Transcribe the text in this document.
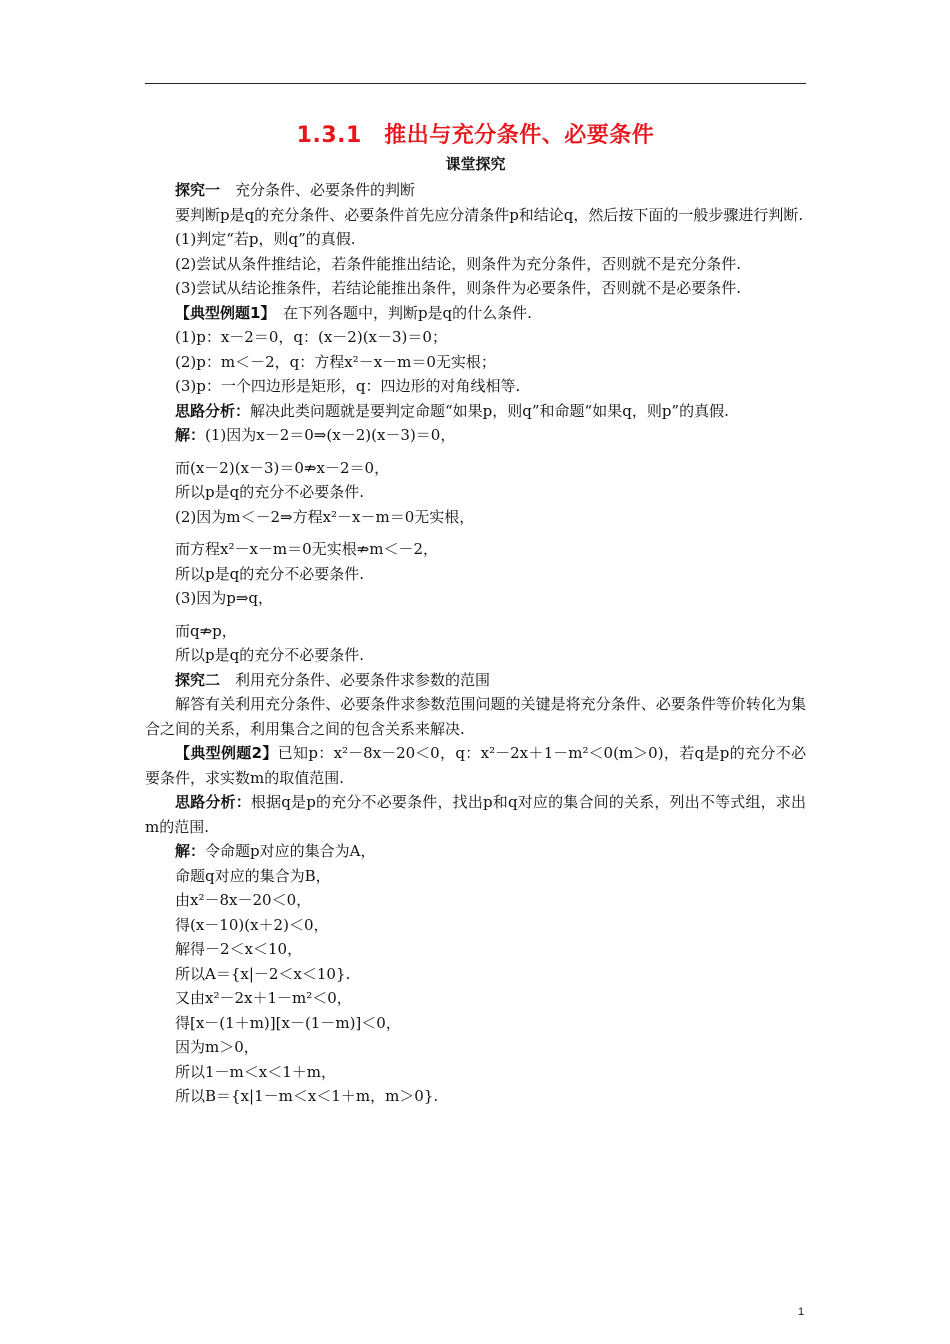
1.3.1　推出与充分条件、必要条件
课堂探究

探究一　充分条件、必要条件的判断

要判断p是q的充分条件、必要条件首先应分清条件p和结论q，然后按下面的一般步骤进行判断.

(1)判定“若p，则q”的真假.

(2)尝试从条件推结论，若条件能推出结论，则条件为充分条件，否则就不是充分条件.

(3)尝试从结论推条件，若结论能推出条件，则条件为必要条件，否则就不是必要条件.

【典型例题1】　在下列各题中，判断p是q的什么条件.

(1)p：x－2＝0，q：(x－2)(x－3)＝0；

(2)p：m＜－2，q：方程x²－x－m＝0无实根；

(3)p：一个四边形是矩形，q：四边形的对角线相等.

思路分析：解决此类问题就是要判定命题“如果p，则q”和命题“如果q，则p”的真假.

解：(1)因为x－2＝0⇒(x－2)(x－3)＝0，

而(x－2)(x－3)＝0⇏x－2＝0，

所以p是q的充分不必要条件.

(2)因为m＜－2⇒方程x²－x－m＝0无实根，

而方程x²－x－m＝0无实根⇏m＜－2，

所以p是q的充分不必要条件.

(3)因为p⇒q，

而q⇏p，

所以p是q的充分不必要条件.

探究二　利用充分条件、必要条件求参数的范围

解答有关利用充分条件、必要条件求参数范围问题的关键是将充分条件、必要条件等价转化为集合之间的关系，利用集合之间的包含关系来解决.

【典型例题2】已知p：x²－8x－20＜0，q：x²－2x＋1－m²＜0(m＞0)，若q是p的充分不必要条件，求实数m的取值范围.

思路分析：根据q是p的充分不必要条件，找出p和q对应的集合间的关系，列出不等式组，求出m的范围.

解：令命题p对应的集合为A，

命题q对应的集合为B，

由x²－8x－20＜0，

得(x－10)(x＋2)＜0，

解得－2＜x＜10，

所以A＝{x|－2＜x＜10}.

又由x²－2x＋1－m²＜0，

得[x－(1＋m)][x－(1－m)]＜0，

因为m＞0，

所以1－m＜x＜1＋m，

所以B＝{x|1－m＜x＜1＋m，m＞0}.

1
